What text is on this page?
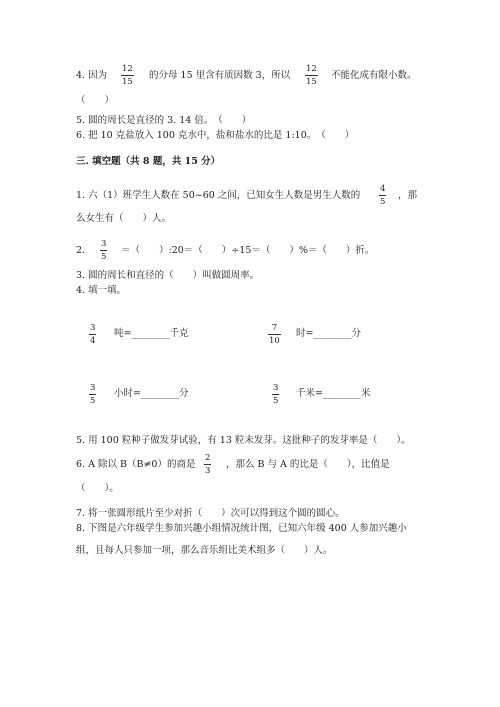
4. 因为
12
15
的分母 15 里含有质因数 3，所以
12
15
不能化成有限小数。
（　　）
5. 圆的周长是直径的 3. 14 倍。　（　　）
6. 把 10 克盐放入 100 克水中，盐和盐水的比是 1:10。　（　　）
三. 填空题（共 8 题，共 15 分）
1. 六（1）班学生人数在 50~60 之间，已知女生人数是男生人数的
4
5
，那
么女生有（　　）人。
2.
3
5
＝（　　）:20＝（　　）÷15＝（　　）%＝（　　）折。
3. 圆的周长和直径的（　　）叫做圆周率。
4. 填一填。
3
4
吨=________千克	7
10
时=________分
3
5
小时=________分	3
5
千米=________米
5. 用 100 粒种子做发芽试验，有 13 粒未发芽。这批种子的发芽率是（　　）。
6. A 除以 B（B≠0）的商是
2
3
，那么 B 与 A 的比是（　　），比值是
（　　）。
7. 将一张圆形纸片至少对折（　　）次可以得到这个圆的圆心。
8. 下图是六年级学生参加兴趣小组情况统计图，已知六年级 400 人参加兴趣小
组，且每人只参加一项，那么音乐组比美术组多（　　）人。
